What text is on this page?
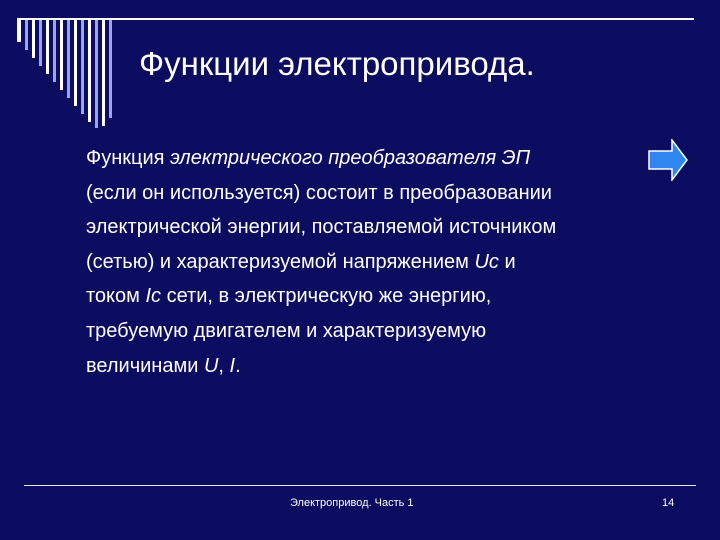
Функции электропривода.
Функция электрического преобразователя ЭП
(если он используется) состоит в преобразовании
электрической энергии, поставляемой источником
(сетью) и характеризуемой напряжением Uс и
током Iс сети, в электрическую же энергию,
требуемую двигателем и характеризуемую
величинами U, I.
Электропривод. Часть 1	14
